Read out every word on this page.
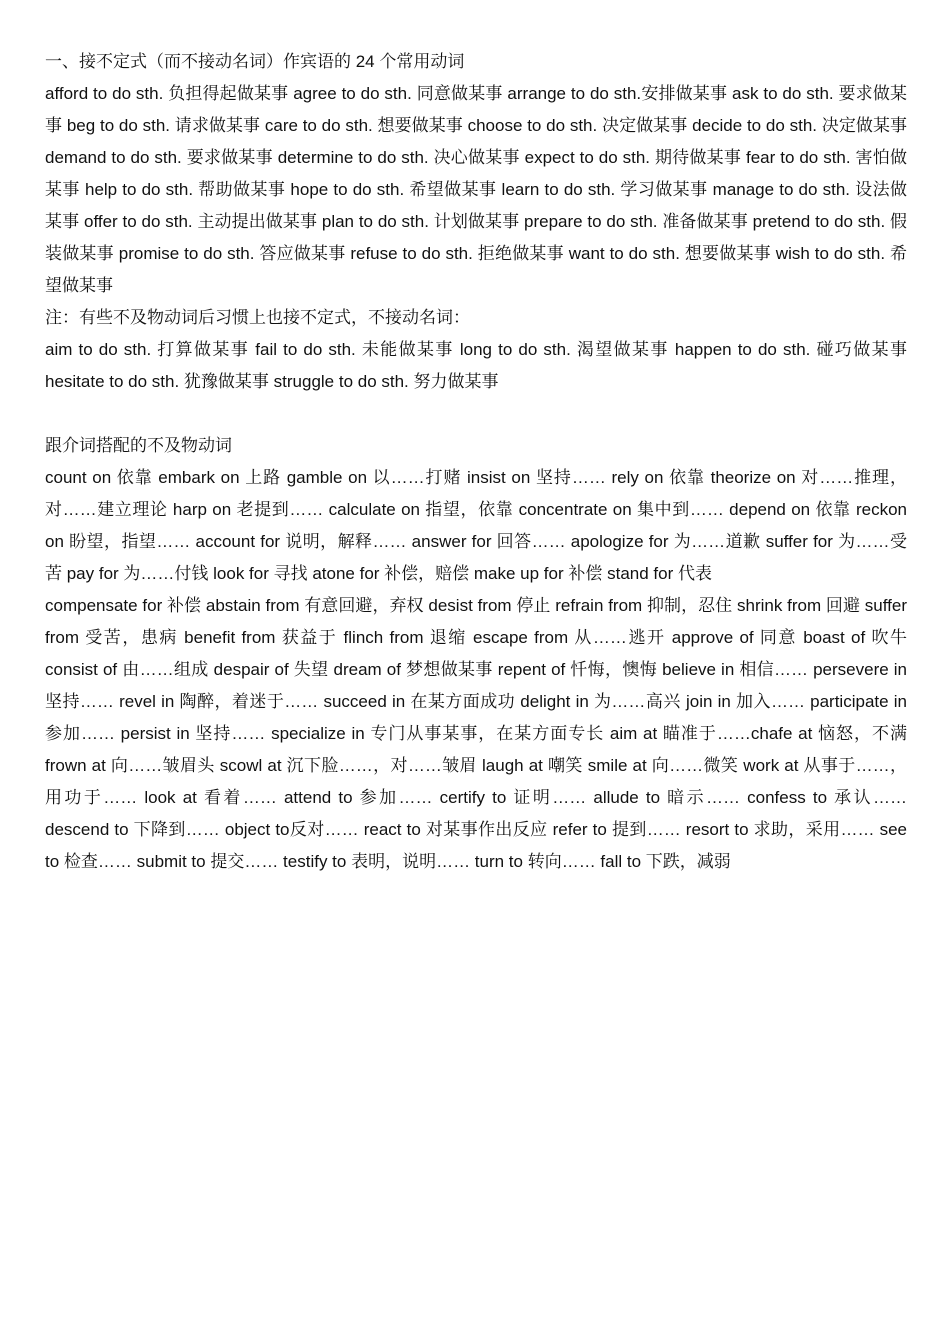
一、接不定式（而不接动名词）作宾语的 24 个常用动词

afford to do sth. 负担得起做某事 agree to do sth. 同意做某事 arrange to do sth.安排做某事 ask to do sth. 要求做某事 beg to do sth. 请求做某事 care to do sth. 想要做某事 choose to do sth. 决定做某事 decide to do sth. 决定做某事 demand to do sth. 要求做某事 determine to do sth. 决心做某事 expect to do sth. 期待做某事 fear to do sth. 害怕做某事 help to do sth. 帮助做某事 hope to do sth. 希望做某事 learn to do sth. 学习做某事 manage to do sth. 设法做某事 offer to do sth. 主动提出做某事 plan to do sth. 计划做某事 prepare to do sth. 准备做某事 pretend to do sth. 假装做某事 promise to do sth. 答应做某事 refuse to do sth. 拒绝做某事 want to do sth. 想要做某事 wish to do sth. 希望做某事

注：有些不及物动词后习惯上也接不定式，不接动名词：

aim to do sth. 打算做某事 fail to do sth. 未能做某事 long to do sth. 渴望做某事 happen to do sth. 碰巧做某事 hesitate to do sth. 犹豫做某事 struggle to do sth. 努力做某事

跟介词搭配的不及物动词

count on 依靠 embark on 上路 gamble on 以……打赌 insist on 坚持…… rely on 依靠 theorize on 对……推理，对……建立理论 harp on 老提到…… calculate on 指望，依靠 concentrate on 集中到…… depend on 依靠 reckon on 盼望，指望…… account for 说明，解释…… answer for 回答…… apologize for 为……道歉 suffer for 为……受苦 pay for 为……付钱 look for 寻找 atone for 补偿，赔偿 make up for 补偿 stand for 代表

compensate for 补偿 abstain from 有意回避，弃权 desist from 停止 refrain from 抑制，忍住 shrink from 回避 suffer from 受苦，患病 benefit from 获益于 flinch from 退缩 escape from 从……逃开 approve of 同意 boast of 吹牛 consist of 由……组成 despair of 失望 dream of 梦想做某事 repent of 忏悔，懊悔 believe in 相信…… persevere in 坚持…… revel in 陶醉，着迷于…… succeed in 在某方面成功 delight in 为……高兴 join in 加入…… participate in 参加…… persist in 坚持…… specialize in 专门从事某事，在某方面专长 aim at 瞄准于……chafe at 恼怒，不满 frown at 向……皱眉头 scowl at 沉下脸……，对……皱眉 laugh at 嘲笑 smile at 向……微笑 work at 从事于……，用功于…… look at 看着…… attend to 参加…… certify to 证明…… allude to 暗示…… confess to 承认…… descend to 下降到…… object to反对…… react to 对某事作出反应 refer to 提到…… resort to 求助，采用…… see to 检查…… submit to 提交…… testify to 表明，说明…… turn to 转向…… fall to 下跌，减弱
